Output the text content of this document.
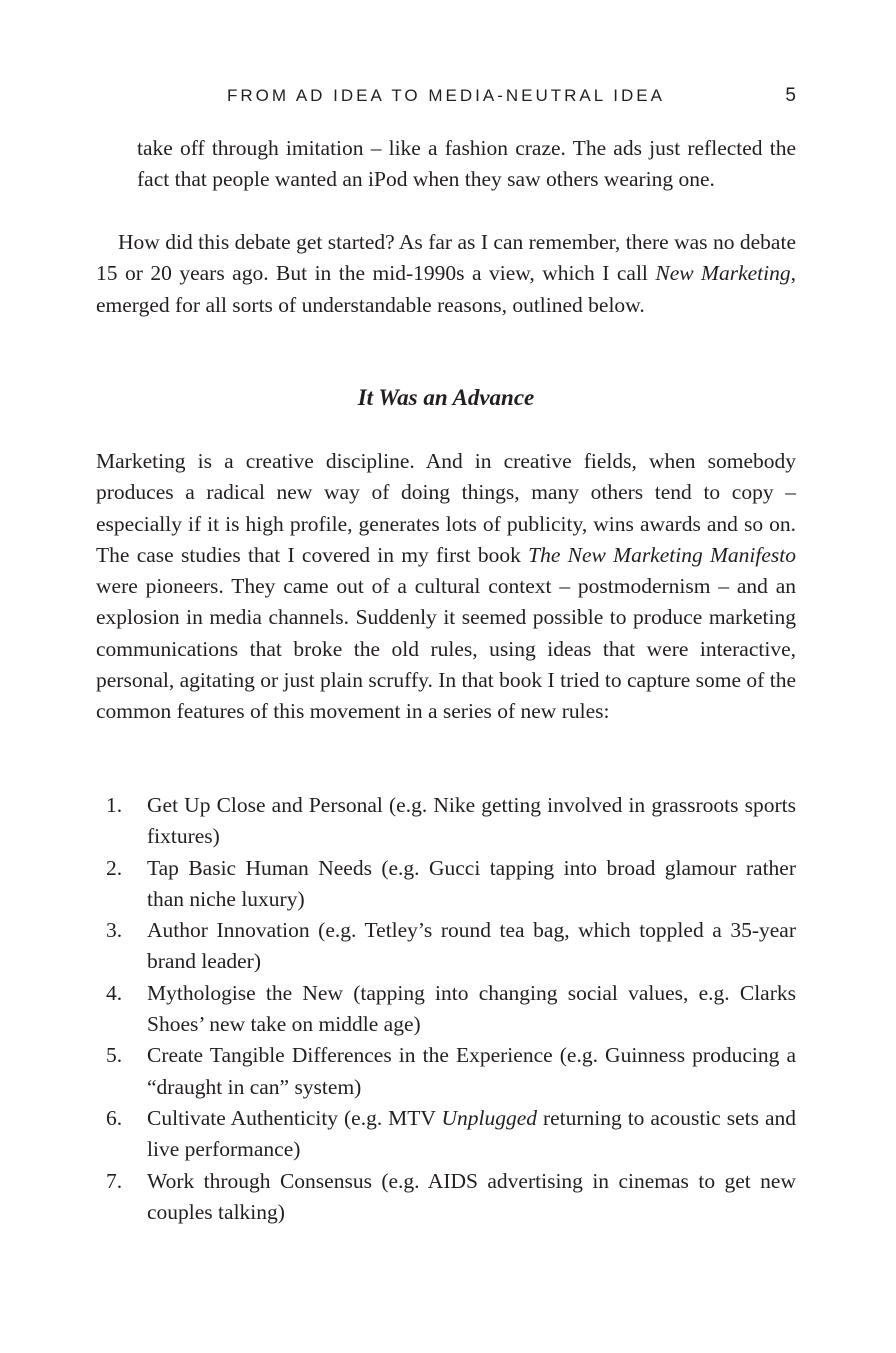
FROM AD IDEA TO MEDIA-NEUTRAL IDEA	5

take off through imitation – like a fashion craze. The ads just reflected the fact that people wanted an iPod when they saw others wearing one.

How did this debate get started? As far as I can remember, there was no debate 15 or 20 years ago. But in the mid-1990s a view, which I call New Marketing, emerged for all sorts of understandable reasons, outlined below.

It Was an Advance

Marketing is a creative discipline. And in creative fields, when somebody produces a radical new way of doing things, many others tend to copy – especially if it is high profile, generates lots of publicity, wins awards and so on. The case studies that I covered in my first book The New Marketing Manifesto were pioneers. They came out of a cultural context – postmodernism – and an explosion in media channels. Suddenly it seemed possible to produce marketing communications that broke the old rules, using ideas that were interactive, personal, agitating or just plain scruffy. In that book I tried to capture some of the common features of this movement in a series of new rules:

1. Get Up Close and Personal (e.g. Nike getting involved in grassroots sports fixtures)
2. Tap Basic Human Needs (e.g. Gucci tapping into broad glamour rather than niche luxury)
3. Author Innovation (e.g. Tetley’s round tea bag, which toppled a 35-year brand leader)
4. Mythologise the New (tapping into changing social values, e.g. Clarks Shoes’ new take on middle age)
5. Create Tangible Differences in the Experience (e.g. Guinness producing a “draught in can” system)
6. Cultivate Authenticity (e.g. MTV Unplugged returning to acoustic sets and live performance)
7. Work through Consensus (e.g. AIDS advertising in cinemas to get new couples talking)
